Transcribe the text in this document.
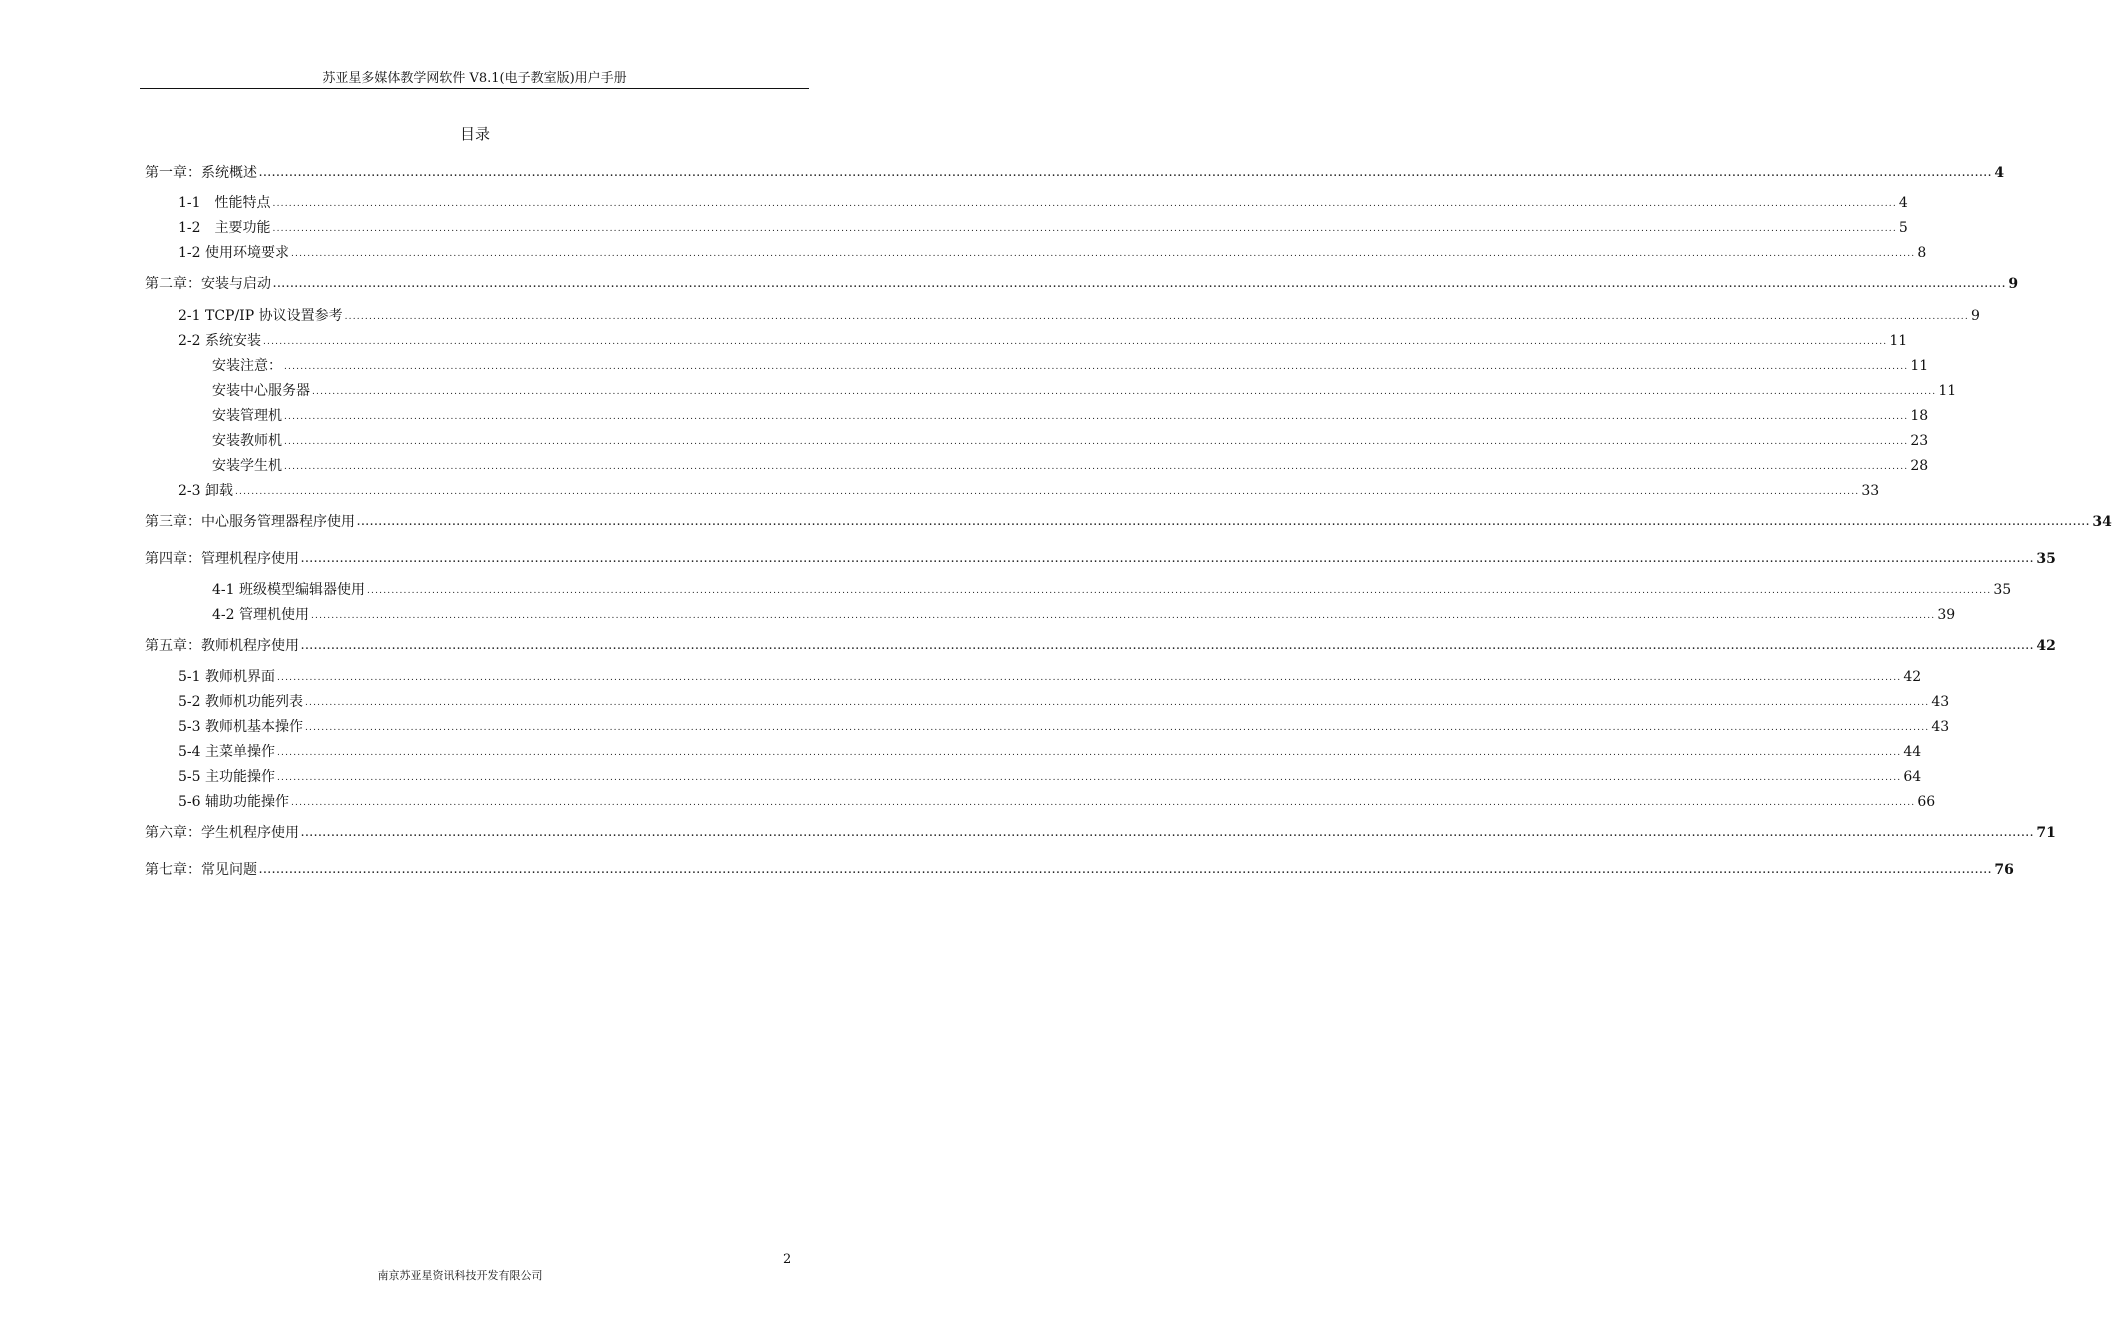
苏亚星多媒体教学网软件 V8.1(电子教室版)用户手册
目录
第一章：系统概述 ................................................................................................................................................................................................................................................................................................................................................................................................................ 4
1-1　性能特点 ................................................................................................................................................................................................................................................................................................................................................................................................................ 4
1-2　主要功能 ................................................................................................................................................................................................................................................................................................................................................................................................................ 5
1-2 使用环境要求 ................................................................................................................................................................................................................................................................................................................................................................................................................ 8
第二章：安装与启动 ................................................................................................................................................................................................................................................................................................................................................................................................................ 9
2-1 TCP/IP 协议设置参考 ................................................................................................................................................................................................................................................................................................................................................................................................................ 9
2-2 系统安装 ................................................................................................................................................................................................................................................................................................................................................................................................................ 11
安装注意： ................................................................................................................................................................................................................................................................................................................................................................................................................ 11
安装中心服务器 ................................................................................................................................................................................................................................................................................................................................................................................................................ 11
安装管理机 ................................................................................................................................................................................................................................................................................................................................................................................................................ 18
安装教师机 ................................................................................................................................................................................................................................................................................................................................................................................................................ 23
安装学生机 ................................................................................................................................................................................................................................................................................................................................................................................................................ 28
2-3 卸载 ................................................................................................................................................................................................................................................................................................................................................................................................................ 33
第三章：中心服务管理器程序使用 ................................................................................................................................................................................................................................................................................................................................................................................................................ 34
第四章：管理机程序使用 ................................................................................................................................................................................................................................................................................................................................................................................................................ 35
4-1 班级模型编辑器使用 ................................................................................................................................................................................................................................................................................................................................................................................................................ 35
4-2 管理机使用 ................................................................................................................................................................................................................................................................................................................................................................................................................ 39
第五章：教师机程序使用 ................................................................................................................................................................................................................................................................................................................................................................................................................ 42
5-1 教师机界面 ................................................................................................................................................................................................................................................................................................................................................................................................................ 42
5-2 教师机功能列表 ................................................................................................................................................................................................................................................................................................................................................................................................................ 43
5-3 教师机基本操作 ................................................................................................................................................................................................................................................................................................................................................................................................................ 43
5-4 主菜单操作 ................................................................................................................................................................................................................................................................................................................................................................................................................ 44
5-5 主功能操作 ................................................................................................................................................................................................................................................................................................................................................................................................................ 64
5-6 辅助功能操作 ................................................................................................................................................................................................................................................................................................................................................................................................................ 66
第六章：学生机程序使用 ................................................................................................................................................................................................................................................................................................................................................................................................................ 71
第七章：常见问题 ................................................................................................................................................................................................................................................................................................................................................................................................................ 76
2
南京苏亚星资讯科技开发有限公司
